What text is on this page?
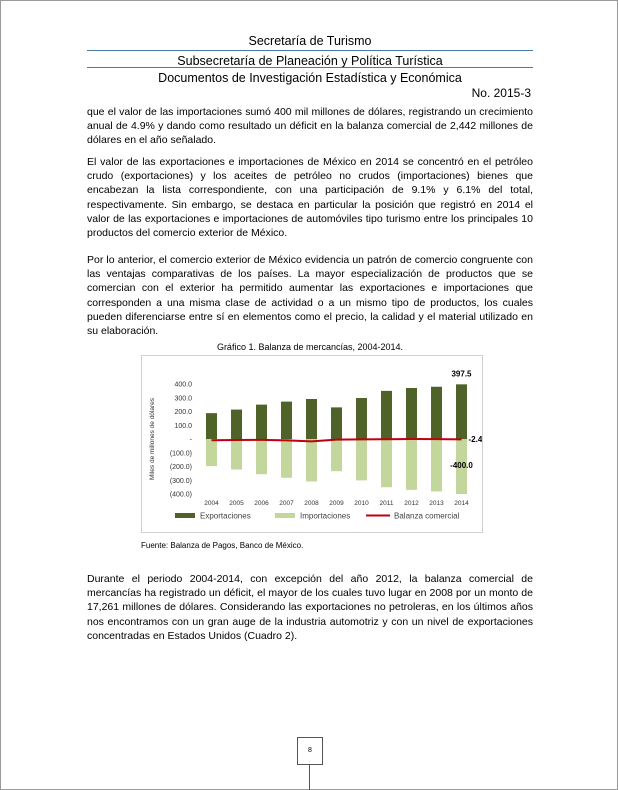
Secretaría de Turismo
Subsecretaría de Planeación y Política Turística
Documentos de Investigación Estadística y Económica
No. 2015-3

que el valor de las importaciones sumó 400 mil millones de dólares, registrando un crecimiento anual de 4.9% y dando como resultado un déficit en la balanza comercial de 2,442 millones de dólares en el año señalado.

El valor de las exportaciones e importaciones de México en 2014 se concentró en el petróleo crudo (exportaciones) y los aceites de petróleo no crudos (importaciones) bienes que encabezan la lista correspondiente, con una participación de 9.1% y 6.1% del total, respectivamente. Sin embargo, se destaca en particular la posición que registró en 2014 el valor de las exportaciones e importaciones de automóviles tipo turismo entre los principales 10 productos del comercio exterior de México.

Por lo anterior, el comercio exterior de México evidencia un patrón de comercio congruente con las ventajas comparativas de los países. La mayor especialización de productos que se comercian con el exterior ha permitido aumentar las exportaciones e importaciones que corresponden a una misma clase de actividad o a un mismo tipo de productos, los cuales pueden diferenciarse entre sí en elementos como el precio, la calidad y el material utilizado en su elaboración.

Gráfico 1. Balanza de mercancías, 2004-2014.
Miles de millones de dólares
400.0
300.0
200.0
100.0
-
(100.0)
(200.0)
(300.0)
(400.0)
2004 2005 2006 2007 2008 2009 2010 2011 2012 2013 2014
397.5
-2.4
-400.0
Exportaciones	Importaciones	Balanza comercial
Fuente: Balanza de Pagos, Banco de México.

Durante el periodo 2004-2014, con excepción del año 2012, la balanza comercial de mercancías ha registrado un déficit, el mayor de los cuales tuvo lugar en 2008 por un monto de 17,261 millones de dólares. Considerando las exportaciones no petroleras, en los últimos años nos encontramos con un gran auge de la industria automotriz y con un nivel de exportaciones concentradas en Estados Unidos (Cuadro 2).

8
